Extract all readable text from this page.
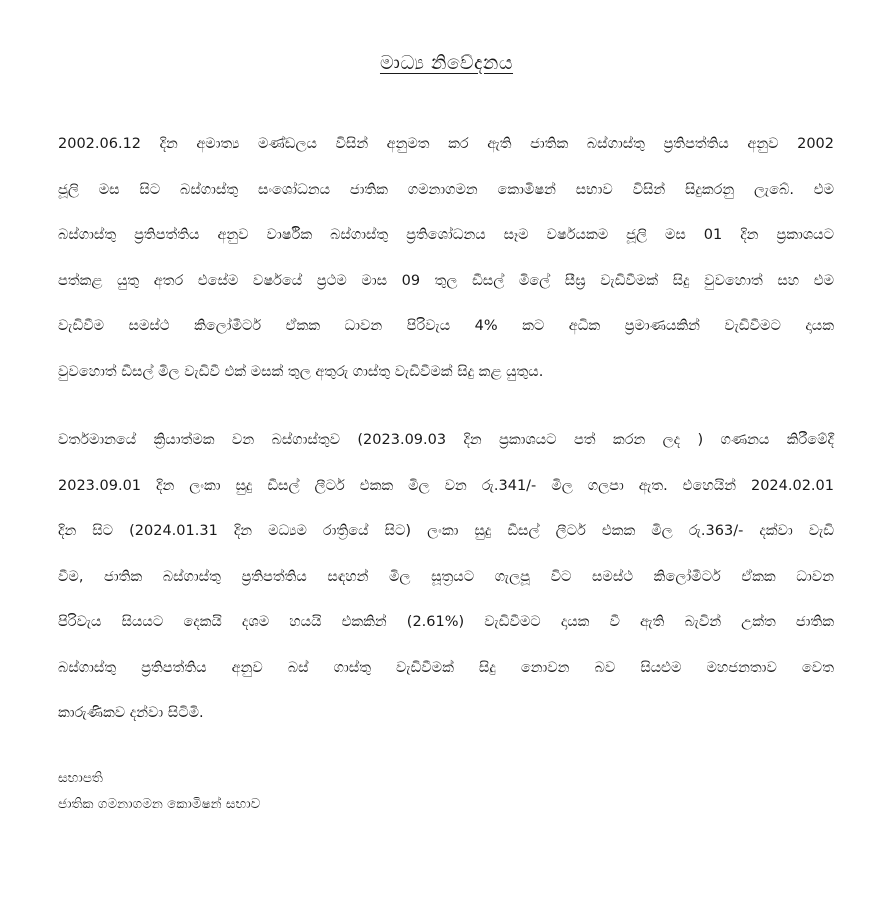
මාධ්‍ය නිවේදනය
2002.06.12 දින අමාත්‍ය මණ්ඩලය විසින් අනුමත කර ඇති ජාතික බස්ගාස්තු ප්‍රතිපත්තිය අනුව 2002
ජූලි මස සිට බස්ගාස්තු සංශෝධනය ජාතික ගමනාගමන කොමිෂන් සභාව විසින් සිදුකරනු ලැබේ. එම
බස්ගාස්තු ප්‍රතිපත්තිය අනුව වාර්ෂික බස්ගාස්තු ප්‍රතිශෝධනය සෑම වර්ෂයකම ජූලි මස 01 දින ප්‍රකාශයට
පත්කළ යුතු අතර එසේම වර්ෂයේ ප්‍රථම මාස 09 තුල ඩීසල් මිලේ සීඝ්‍ර වැඩිවීමක් සිදු වුවහොත් සහ එම
වැඩිවීම සමස්ථ කිලෝමීටර් ඒකක ධාවන පිරිවැය 4% කට අධික ප්‍රමාණයකින් වැඩිවීමට දායක
වුවහොත් ඩීසල් මිල වැඩිවී එක් මසක් තුල අතුරු ගාස්තු වැඩිවීමක් සිදු කළ යුතුය.
වර්තමානයේ ක්‍රියාත්මක වන බස්ගාස්තුව (2023.09.03 දින ප්‍රකාශයට පත් කරන ලද ) ගණනය කිරීමේදී
2023.09.01 දින ලංකා සුදු ඩීසල් ලීටර් එකක මිල වන රු.341/- මිල ගලපා ඇත. එහෙයින් 2024.02.01
දින සිට (2024.01.31 දින මධ්‍යම රාත්‍රියේ සිට) ලංකා සුදු ඩීසල් ලීටර් එකක මිල රු.363/- දක්වා වැඩි
වීම, ජාතික බස්ගාස්තු ප්‍රතිපත්තිය සඳහන් මිල සූත්‍රයට ගැලපූ විට සමස්ථ කිලෝමීටර් ඒකක ධාවන
පිරිවැය සියයට දෙකයි දශම හයයි එකකින් (2.61%) වැඩිවීමට දායක වී ඇති බැවින් උක්ත ජාතික
බස්ගාස්තු ප්‍රතිපත්තිය අනුව බස් ගාස්තු වැඩිවීමක් සිදු නොවන බව සියළුම මහජනතාව වෙත
කාරුණිකව දන්වා සිටිමි.
සභාපති
ජාතික ගමනාගමන කොමිෂන් සභාව
